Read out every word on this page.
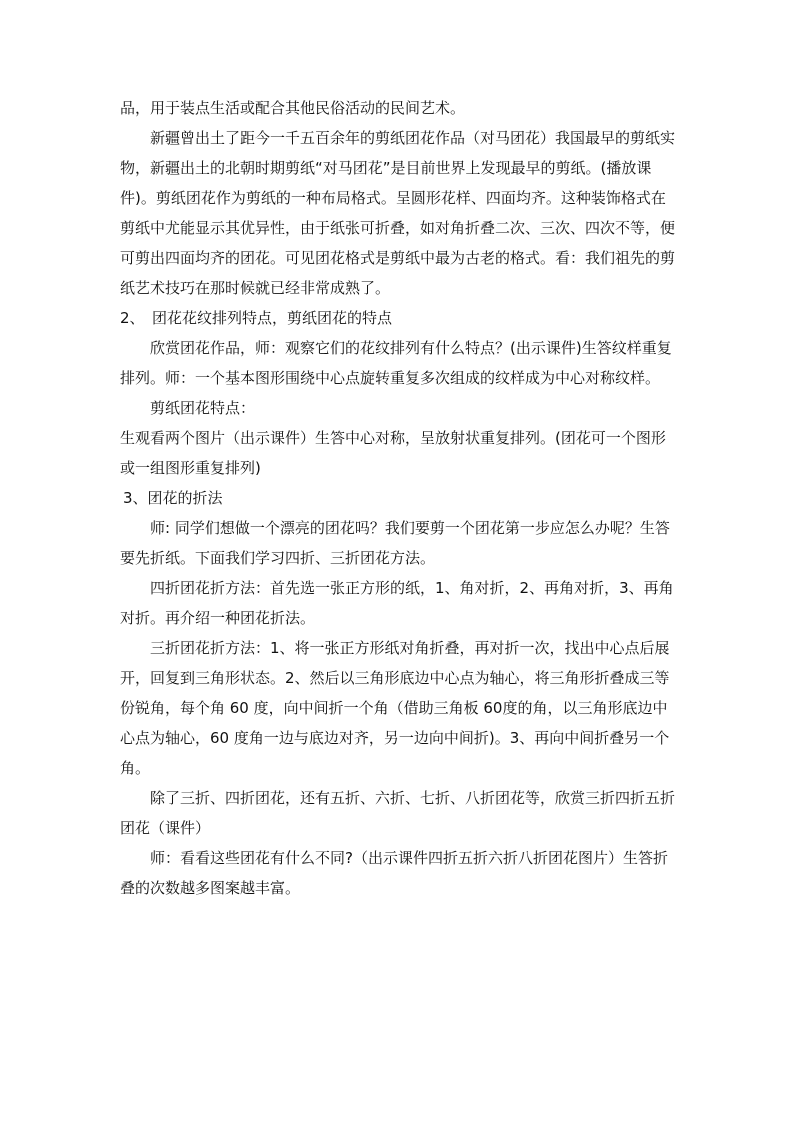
品，用于装点生活或配合其他民俗活动的民间艺术。

新疆曾出土了距今一千五百余年的剪纸团花作品（对马团花）我国最早的剪纸实物，新疆出土的北朝时期剪纸“对马团花”是目前世界上发现最早的剪纸。(播放课件)。剪纸团花作为剪纸的一种布局格式。呈圆形花样、四面均齐。这种装饰格式在剪纸中尤能显示其优异性，由于纸张可折叠，如对角折叠二次、三次、四次不等，便可剪出四面均齐的团花。可见团花格式是剪纸中最为古老的格式。看：我们祖先的剪纸艺术技巧在那时候就已经非常成熟了。

2、　团花花纹排列特点，剪纸团花的特点

欣赏团花作品，师：观察它们的花纹排列有什么特点？(出示课件)生答纹样重复排列。师：一个基本图形围绕中心点旋转重复多次组成的纹样成为中心对称纹样。

剪纸团花特点：

生观看两个图片（出示课件）生答中心对称，呈放射状重复排列。(团花可一个图形或一组图形重复排列)

3、团花的折法

师: 同学们想做一个漂亮的团花吗？我们要剪一个团花第一步应怎么办呢？生答要先折纸。下面我们学习四折、三折团花方法。

四折团花折方法：首先选一张正方形的纸，1、角对折，2、再角对折，3、再角对折。再介绍一种团花折法。

三折团花折方法：1、将一张正方形纸对角折叠，再对折一次，找出中心点后展开，回复到三角形状态。2、然后以三角形底边中心点为轴心，将三角形折叠成三等份锐角，每个角 60 度，向中间折一个角（借助三角板 60度的角，以三角形底边中心点为轴心，60 度角一边与底边对齐，另一边向中间折)。3、再向中间折叠另一个角。

除了三折、四折团花，还有五折、六折、七折、八折团花等，欣赏三折四折五折团花（课件）

师：看看这些团花有什么不同?（出示课件四折五折六折八折团花图片）生答折叠的次数越多图案越丰富。
